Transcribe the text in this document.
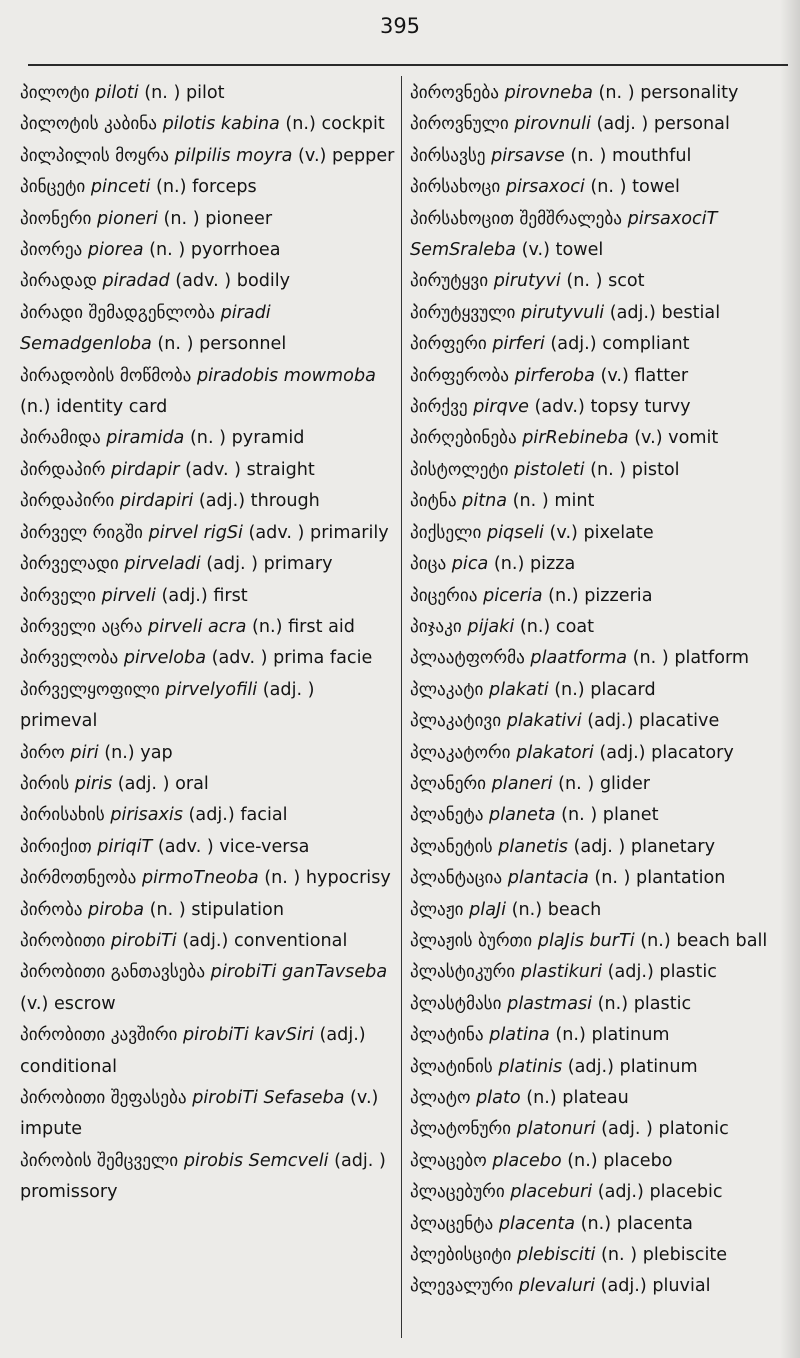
395

პილოტი piloti (n. ) pilot

პილოტის კაბინა pilotis kabina (n.) cockpit

პილპილის მოყრა pilpilis moyra (v.) pepper

პინცეტი pinceti (n.) forceps

პიონერი pioneri (n. ) pioneer

პიორეა piorea (n. ) pyorrhoea

პირადად piradad (adv. ) bodily

პირადი შემადგენლობა piradi Semadgenloba (n. ) personnel

პირადობის მოწმობა piradobis mowmoba (n.) identity card

პირამიდა piramida (n. ) pyramid

პირდაპირ pirdapir (adv. ) straight

პირდაპირი pirdapiri (adj.) through

პირველ რიგში pirvel rigSi (adv. ) primarily

პირველადი pirveladi (adj. ) primary

პირველი pirveli (adj.) first

პირველი აცრა pirveli acra (n.) first aid

პირველობა pirveloba (adv. ) prima facie

პირველყოფილი pirvelyofili (adj. ) primeval

პირო piri (n.) yap

პირის piris (adj. ) oral

პირისახის pirisaxis (adj.) facial

პირიქით piriqiT (adv. ) vice-versa

პირმოთნეობა pirmoTneoba (n. ) hypocrisy

პირობა piroba (n. ) stipulation

პირობითი pirobiTi (adj.) conventional

პირობითი განთავსება pirobiTi ganTavseba (v.) escrow

პირობითი კავშირი pirobiTi kavSiri (adj.) conditional

პირობითი შეფასება pirobiTi Sefaseba (v.) impute

პირობის შემცველი pirobis Semcveli (adj. ) promissory

პიროვნება pirovneba (n. ) personality

პიროვნული pirovnuli (adj. ) personal

პირსავსე pirsavse (n. ) mouthful

პირსახოცი pirsaxoci (n. ) towel

პირსახოცით შემშრალება pirsaxociT SemSraleba (v.) towel

პირუტყვი pirutyvi (n. ) scot

პირუტყვული pirutyvuli (adj.) bestial

პირფერი pirferi (adj.) compliant

პირფერობა pirferoba (v.) flatter

პირქვე pirqve (adv.) topsy turvy

პირღებინება pirRebineba (v.) vomit

პისტოლეტი pistoleti (n. ) pistol

პიტნა pitna (n. ) mint

პიქსელი piqseli (v.) pixelate

პიცა pica (n.) pizza

პიცერია piceria (n.) pizzeria

პიჯაკი pijaki (n.) coat

პლაატფორმა plaatforma (n. ) platform

პლაკატი plakati (n.) placard

პლაკატივი plakativi (adj.) placative

პლაკატორი plakatori (adj.) placatory

პლანერი planeri (n. ) glider

პლანეტა planeta (n. ) planet

პლანეტის planetis (adj. ) planetary

პლანტაცია plantacia (n. ) plantation

პლაჟი plaJi (n.) beach

პლაჟის ბურთი plaJis burTi (n.) beach ball

პლასტიკური plastikuri (adj.) plastic

პლასტმასი plastmasi (n.) plastic

პლატინა platina (n.) platinum

პლატინის platinis (adj.) platinum

პლატო plato (n.) plateau

პლატონური platonuri (adj. ) platonic

პლაცებო placebo (n.) placebo

პლაცებური placeburi (adj.) placebic

პლაცენტა placenta (n.) placenta

პლებისციტი plebisciti (n. ) plebiscite

პლევალური plevaluri (adj.) pluvial
